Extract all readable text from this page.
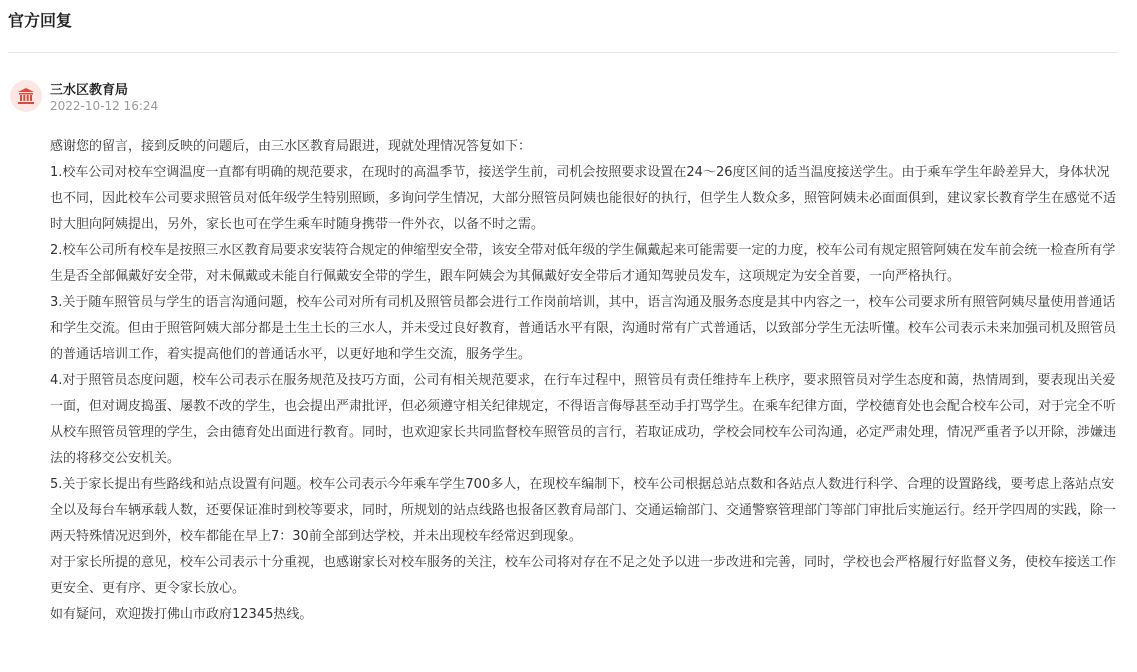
官方回复
三水区教育局
2022-10-12 16:24

感谢您的留言，接到反映的问题后，由三水区教育局跟进，现就处理情况答复如下：

1.校车公司对校车空调温度一直都有明确的规范要求，在现时的高温季节，接送学生前，司机会按照要求设置在24～26度区间的适当温度接送学生。由于乘车学生年龄差异大，身体状况也不同，因此校车公司要求照管员对低年级学生特别照顾，多询问学生情况，大部分照管员阿姨也能很好的执行，但学生人数众多，照管阿姨未必面面俱到，建议家长教育学生在感觉不适时大胆向阿姨提出，另外，家长也可在学生乘车时随身携带一件外衣，以备不时之需。

2.校车公司所有校车是按照三水区教育局要求安装符合规定的伸缩型安全带，该安全带对低年级的学生佩戴起来可能需要一定的力度，校车公司有规定照管阿姨在发车前会统一检查所有学生是否全部佩戴好安全带，对未佩戴或未能自行佩戴安全带的学生，跟车阿姨会为其佩戴好安全带后才通知驾驶员发车，这项规定为安全首要，一向严格执行。

3.关于随车照管员与学生的语言沟通问题，校车公司对所有司机及照管员都会进行工作岗前培训，其中，语言沟通及服务态度是其中内容之一，校车公司要求所有照管阿姨尽量使用普通话和学生交流。但由于照管阿姨大部分都是土生土长的三水人，并未受过良好教育，普通话水平有限，沟通时常有广式普通话，以致部分学生无法听懂。校车公司表示未来加强司机及照管员的普通话培训工作，着实提高他们的普通话水平，以更好地和学生交流，服务学生。

4.对于照管员态度问题，校车公司表示在服务规范及技巧方面，公司有相关规范要求，在行车过程中，照管员有责任维持车上秩序，要求照管员对学生态度和蔼，热情周到，要表现出关爱一面，但对调皮捣蛋、屡教不改的学生，也会提出严肃批评，但必须遵守相关纪律规定，不得语言侮辱甚至动手打骂学生。在乘车纪律方面，学校德育处也会配合校车公司，对于完全不听从校车照管员管理的学生，会由德育处出面进行教育。同时，也欢迎家长共同监督校车照管员的言行，若取证成功，学校会同校车公司沟通，必定严肃处理，情况严重者予以开除，涉嫌违法的将移交公安机关。

5.关于家长提出有些路线和站点设置有问题。校车公司表示今年乘车学生700多人，在现校车编制下，校车公司根据总站点数和各站点人数进行科学、合理的设置路线，要考虑上落站点安全以及每台车辆承载人数，还要保证准时到校等要求，同时，所规划的站点线路也报备区教育局部门、交通运输部门、交通警察管理部门等部门审批后实施运行。经开学四周的实践，除一两天特殊情况迟到外，校车都能在早上7：30前全部到达学校，并未出现校车经常迟到现象。

对于家长所提的意见，校车公司表示十分重视，也感谢家长对校车服务的关注，校车公司将对存在不足之处予以进一步改进和完善，同时，学校也会严格履行好监督义务，使校车接送工作更安全、更有序、更令家长放心。

如有疑问，欢迎拨打佛山市政府12345热线。
